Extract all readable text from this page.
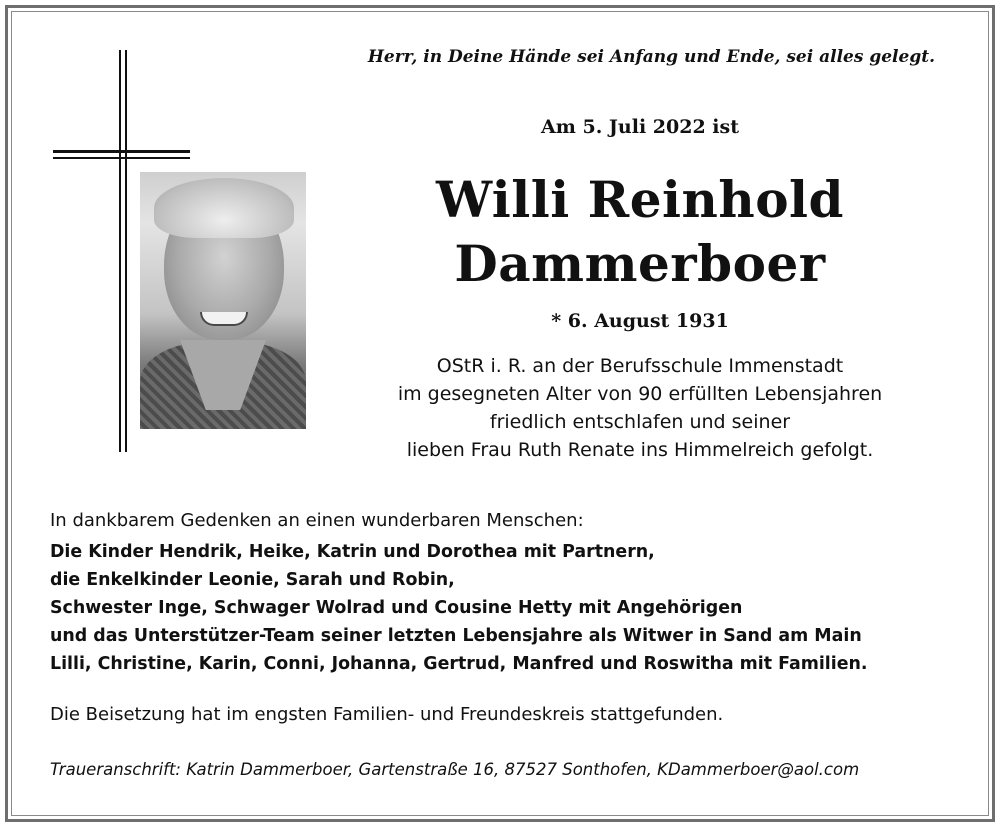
Herr, in Deine Hände sei Anfang und Ende, sei alles gelegt.
Am 5. Juli 2022 ist
Willi Reinhold
Dammerboer
* 6. August 1931
OStR i. R. an der Berufsschule Immenstadt
im gesegneten Alter von 90 erfüllten Lebensjahren
friedlich entschlafen und seiner
lieben Frau Ruth Renate ins Himmelreich gefolgt.
In dankbarem Gedenken an einen wunderbaren Menschen:
Die Kinder Hendrik, Heike, Katrin und Dorothea mit Partnern,
die Enkelkinder Leonie, Sarah und Robin,
Schwester Inge, Schwager Wolrad und Cousine Hetty mit Angehörigen
und das Unterstützer-Team seiner letzten Lebensjahre als Witwer in Sand am Main
Lilli, Christine, Karin, Conni, Johanna, Gertrud, Manfred und Roswitha mit Familien.
Die Beisetzung hat im engsten Familien- und Freundeskreis stattgefunden.
Traueranschrift: Katrin Dammerboer, Gartenstraße 16, 87527 Sonthofen, KDammerboer@aol.com
